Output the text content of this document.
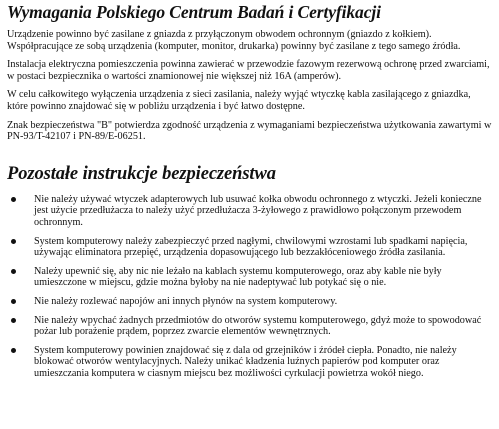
Wymagania Polskiego Centrum Badań i Certyfikacji

Urządzenie powinno być zasilane z gniazda z przyłączonym obwodem ochronnym (gniazdo z kołkiem). Współpracujące ze sobą urządzenia (komputer, monitor, drukarka) powinny być zasilane z tego samego źródła.

Instalacja elektryczna pomieszczenia powinna zawierać w przewodzie fazowym rezerwową ochronę przed zwarciami, w postaci bezpiecznika o wartości znamionowej nie większej niż 16A (amperów).

W celu całkowitego wyłączenia urządzenia z sieci zasilania, należy wyjąć wtyczkę kabla zasilającego z gniazdka, które powinno znajdować się w pobliżu urządzenia i być łatwo dostępne.

Znak bezpieczeństwa "B" potwierdza zgodność urządzenia z wymaganiami bezpieczeństwa użytkowania zawartymi w PN-93/T-42107 i PN-89/E-06251.

Pozostałe instrukcje bezpieczeństwa
Nie należy używać wtyczek adapterowych lub usuwać kołka obwodu ochronnego z wtyczki. Jeżeli konieczne jest użycie przedłużacza to należy użyć przedłużacza 3-żyłowego z prawidłowo połączonym przewodem ochronnym.
System komputerowy należy zabezpieczyć przed nagłymi, chwilowymi wzrostami lub spadkami napięcia, używając eliminatora przepięć, urządzenia dopasowującego lub bezzakłóceniowego źródła zasilania.
Należy upewnić się, aby nic nie leżało na kablach systemu komputerowego, oraz aby kable nie były umieszczone w miejscu, gdzie można byłoby na nie nadeptywać lub potykać się o nie.
Nie należy rozlewać napojów ani innych płynów na system komputerowy.
Nie należy wpychać żadnych przedmiotów do otworów systemu komputerowego, gdyż może to spowodować pożar lub porażenie prądem, poprzez zwarcie elementów wewnętrznych.
System komputerowy powinien znajdować się z dala od grzejników i źródeł ciepła. Ponadto, nie należy blokować otworów wentylacyjnych. Należy unikać kładzenia luźnych papierów pod komputer oraz umieszczania komputera w ciasnym miejscu bez możliwości cyrkulacji powietrza wokół niego.
